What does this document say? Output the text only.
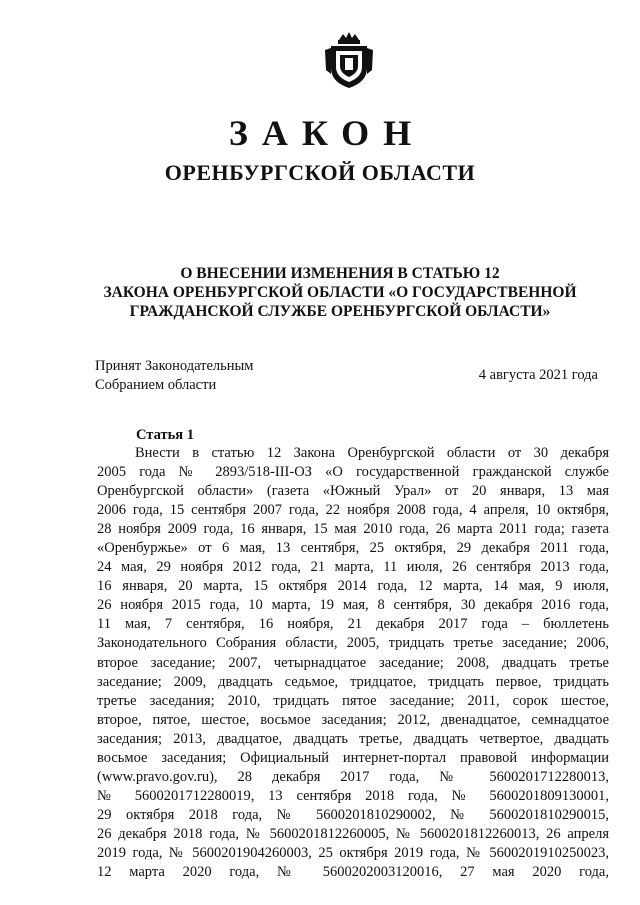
ЗАКОН
ОРЕНБУРГСКОЙ ОБЛАСТИ
О ВНЕСЕНИИ ИЗМЕНЕНИЯ В СТАТЬЮ 12
ЗАКОНА ОРЕНБУРГСКОЙ ОБЛАСТИ «О ГОСУДАРСТВЕННОЙ
ГРАЖДАНСКОЙ СЛУЖБЕ ОРЕНБУРГСКОЙ ОБЛАСТИ»
Принят Законодательным
Собранием области
4 августа 2021 года
Статья 1
Внести в статью 12 Закона Оренбургской области от 30 декабря
2005 года № 2893/518-III-ОЗ «О государственной гражданской службе
Оренбургской области» (газета «Южный Урал» от 20 января, 13 мая
2006 года, 15 сентября 2007 года, 22 ноября 2008 года, 4 апреля, 10 октября,
28 ноября 2009 года, 16 января, 15 мая 2010 года, 26 марта 2011 года; газета
«Оренбуржье» от 6 мая, 13 сентября, 25 октября, 29 декабря 2011 года,
24 мая, 29 ноября 2012 года, 21 марта, 11 июля, 26 сентября 2013 года,
16 января, 20 марта, 15 октября 2014 года, 12 марта, 14 мая, 9 июля,
26 ноября 2015 года, 10 марта, 19 мая, 8 сентября, 30 декабря 2016 года,
11 мая, 7 сентября, 16 ноября, 21 декабря 2017 года – бюллетень
Законодательного Собрания области, 2005, тридцать третье заседание; 2006,
второе заседание; 2007, четырнадцатое заседание; 2008, двадцать третье
заседание; 2009, двадцать седьмое, тридцатое, тридцать первое, тридцать
третье заседания; 2010, тридцать пятое заседание; 2011, сорок шестое,
второе, пятое, шестое, восьмое заседания; 2012, двенадцатое, семнадцатое
заседания; 2013, двадцатое, двадцать третье, двадцать четвертое, двадцать
восьмое заседания; Официальный интернет-портал правовой информации
(www.pravo.gov.ru), 28 декабря 2017 года, № 5600201712280013,
№ 5600201712280019, 13 сентября 2018 года, № 5600201809130001,
29 октября 2018 года, № 5600201810290002, № 5600201810290015,
26 декабря 2018 года, № 5600201812260005, № 5600201812260013, 26 апреля
2019 года, № 5600201904260003, 25 октября 2019 года, № 5600201910250023,
12 марта 2020 года, № 5600202003120016, 27 мая 2020 года,
